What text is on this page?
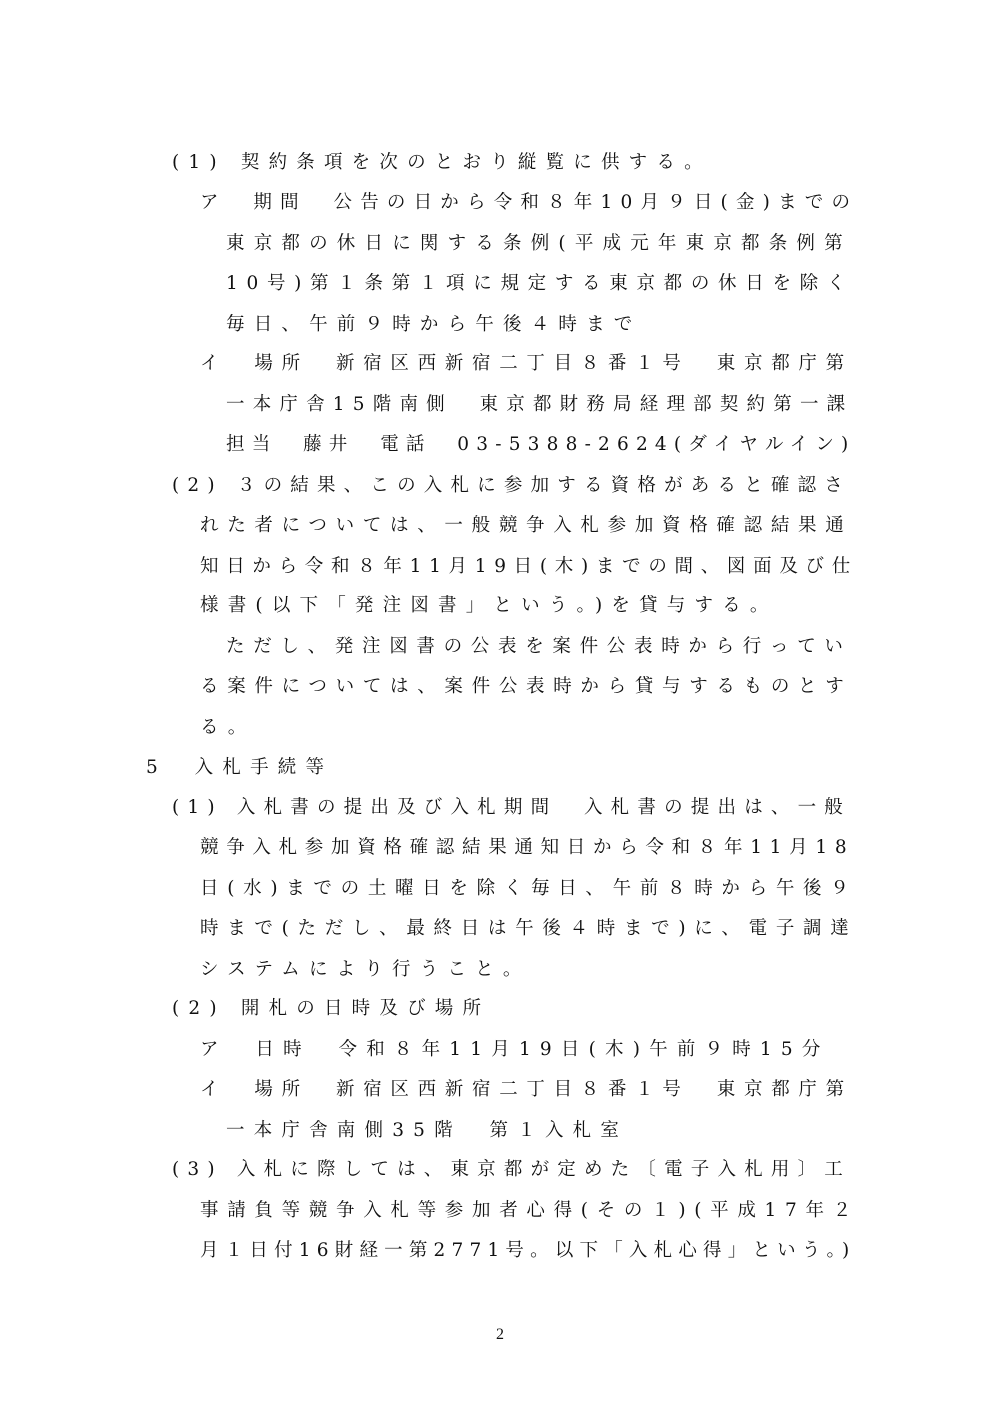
(1) 契約条項を次のとおり縦覧に供する。
ア　期間　公告の日から令和８年10月９日(金)までの
東京都の休日に関する条例(平成元年東京都条例第
10号)第１条第１項に規定する東京都の休日を除く
毎日、午前９時から午後４時まで
イ　場所　新宿区西新宿二丁目８番１号　東京都庁第
一本庁舎15階南側　東京都財務局経理部契約第一課
担当　藤井　電話　03-5388-2624(ダイヤルイン)
(2) ３の結果、この入札に参加する資格があると確認さ
れた者については、一般競争入札参加資格確認結果通
知日から令和８年11月19日(木)までの間、図面及び仕
様書(以下「発注図書」という。)を貸与する。
ただし、発注図書の公表を案件公表時から行ってい
る案件については、案件公表時から貸与するものとす
る。
5　入札手続等
(1) 入札書の提出及び入札期間　入札書の提出は、一般
競争入札参加資格確認結果通知日から令和８年11月18
日(水)までの土曜日を除く毎日、午前８時から午後９
時まで(ただし、最終日は午後４時まで)に、電子調達
システムにより行うこと。
(2) 開札の日時及び場所
ア　日時　令和８年11月19日(木)午前９時15分
イ　場所　新宿区西新宿二丁目８番１号　東京都庁第
一本庁舎南側35階　第１入札室
(3) 入札に際しては、東京都が定めた〔電子入札用〕工
事請負等競争入札等参加者心得(その１)(平成17年２
月１日付16財経一第2771号。以下「入札心得」という。)
2
